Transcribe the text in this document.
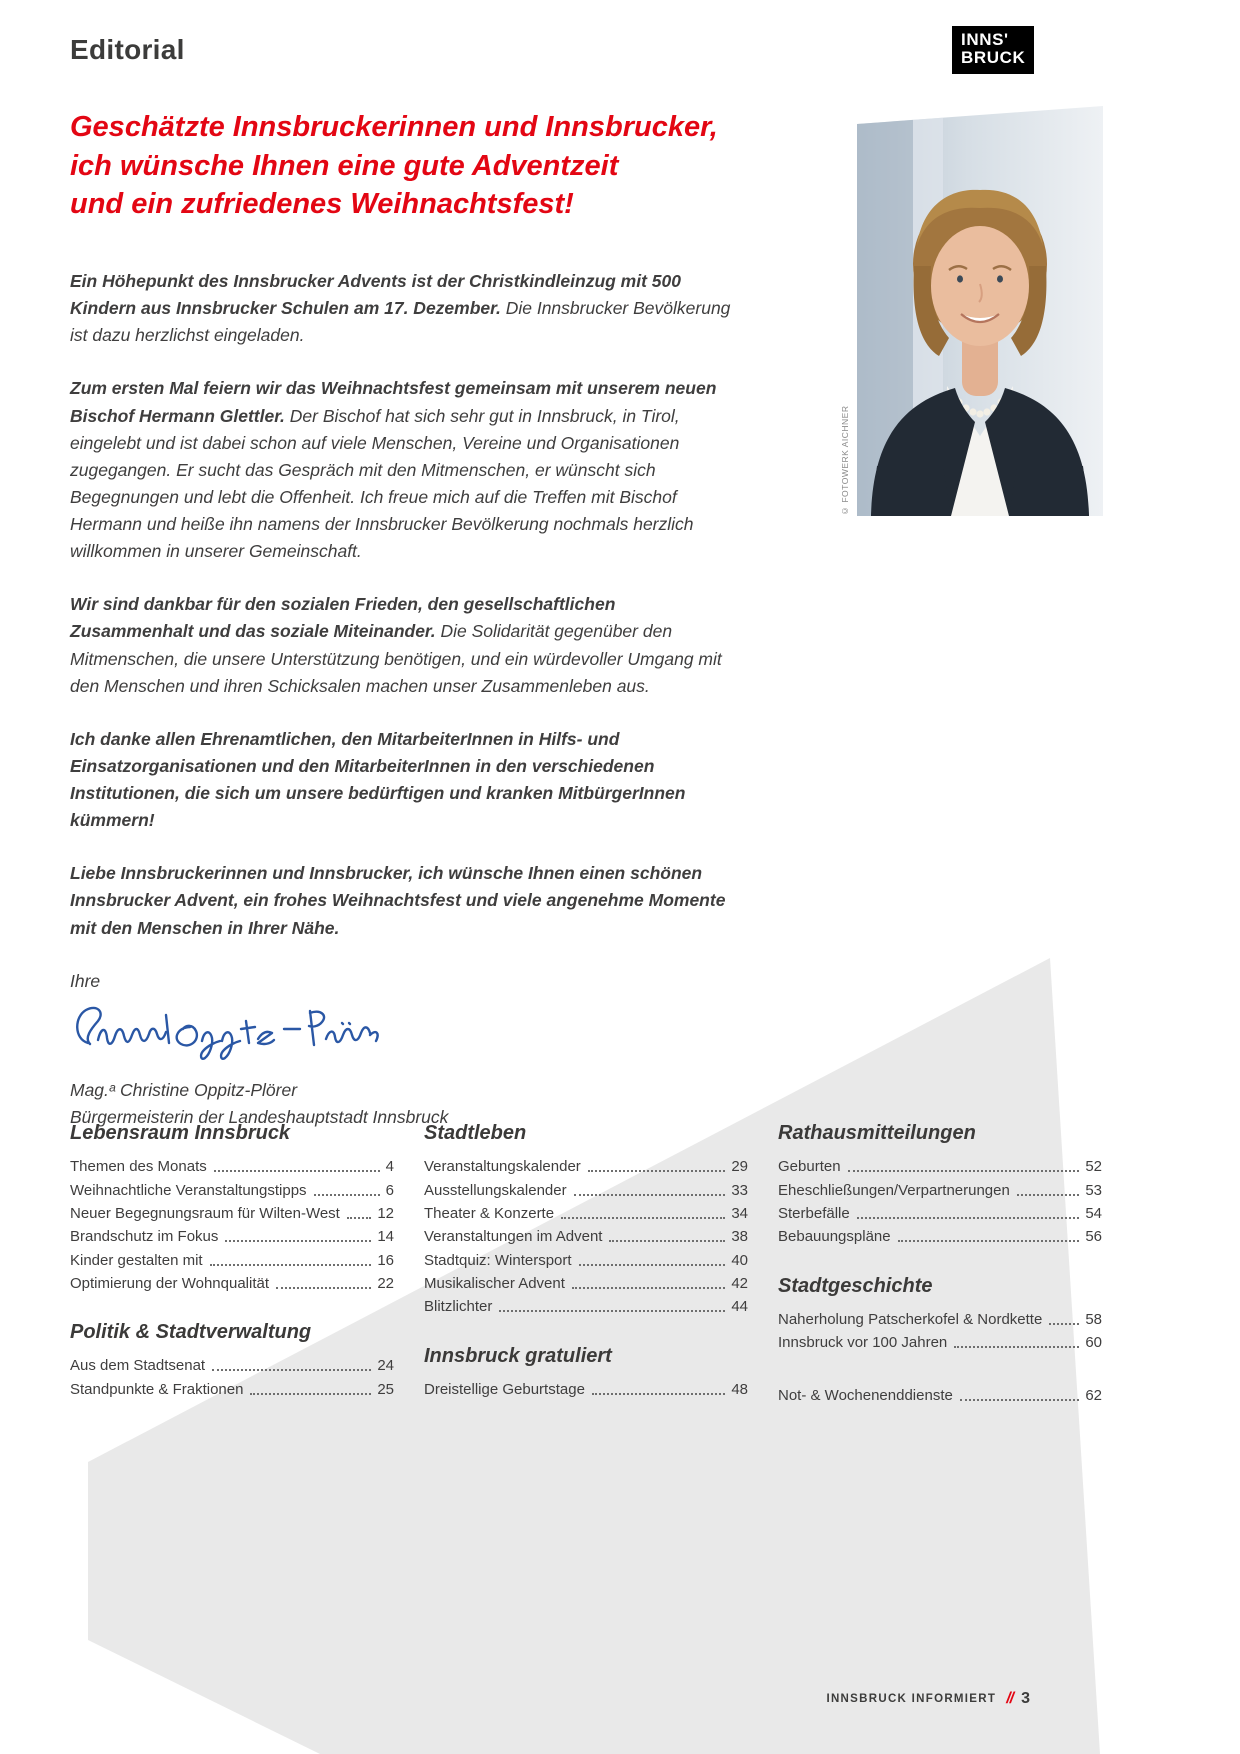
Editorial	INNS'
BRUCK
Geschätzte Innsbruckerinnen und Innsbrucker,
ich wünsche Ihnen eine gute Adventzeit
und ein zufriedenes Weihnachtsfest!
© FOTOWERK AICHNER

Ein Höhepunkt des Innsbrucker Advents ist der Christkindleinzug mit 500 Kindern aus Innsbrucker Schulen am 17. Dezember. Die Innsbrucker Bevölkerung ist dazu herzlichst eingeladen.

Zum ersten Mal feiern wir das Weihnachtsfest gemeinsam mit unserem neuen Bischof Hermann Glettler. Der Bischof hat sich sehr gut in Innsbruck, in Tirol, eingelebt und ist dabei schon auf viele Menschen, Vereine und Organisationen zugegangen. Er sucht das Gespräch mit den Mitmenschen, er wünscht sich Begegnungen und lebt die Offenheit. Ich freue mich auf die Treffen mit Bischof Hermann und heiße ihn namens der Innsbrucker Bevölkerung nochmals herzlich willkommen in unserer Gemeinschaft.

Wir sind dankbar für den sozialen Frieden, den gesellschaftlichen Zusammenhalt und das soziale Miteinander. Die Solidarität gegenüber den Mitmenschen, die unsere Unterstützung benötigen, und ein würdevoller Umgang mit den Menschen und ihren Schicksalen machen unser Zusammenleben aus.

Ich danke allen Ehrenamtlichen, den MitarbeiterInnen in Hilfs- und Einsatzorganisationen und den MitarbeiterInnen in den verschiedenen Institutionen, die sich um unsere bedürftigen und kranken MitbürgerInnen kümmern!

Liebe Innsbruckerinnen und Innsbrucker, ich wünsche Ihnen einen schönen Innsbrucker Advent, ein frohes Weihnachtsfest und viele angenehme Momente mit den Menschen in Ihrer Nähe.

Ihre
Mag.ᵃ Christine Oppitz-Plörer
Bürgermeisterin der Landeshauptstadt Innsbruck
Lebensraum Innsbruck
Themen des Monats	4
Weihnachtliche Veranstaltungstipps	6
Neuer Begegnungsraum für Wilten-West 12
Brandschutz im Fokus	14
Kinder gestalten mit	16
Optimierung der Wohnqualität	22
Politik & Stadtverwaltung
Aus dem Stadtsenat	24
Standpunkte & Fraktionen	25
Stadtleben
Veranstaltungskalender	29
Ausstellungskalender	33
Theater & Konzerte	34
Veranstaltungen im Advent	38
Stadtquiz: Wintersport	40
Musikalischer Advent	42
Blitzlichter	44
Innsbruck gratuliert
Dreistellige Geburtstage	48
Rathausmitteilungen
Geburten	52
Eheschließungen/Verpartnerungen	53
Sterbefälle	54
Bebauungspläne	56
Stadtgeschichte
Naherholung Patscherkofel & Nordkette	58
Innsbruck vor 100 Jahren	60
Not- & Wochenenddienste	62
INNSBRUCK INFORMIERT // 3
